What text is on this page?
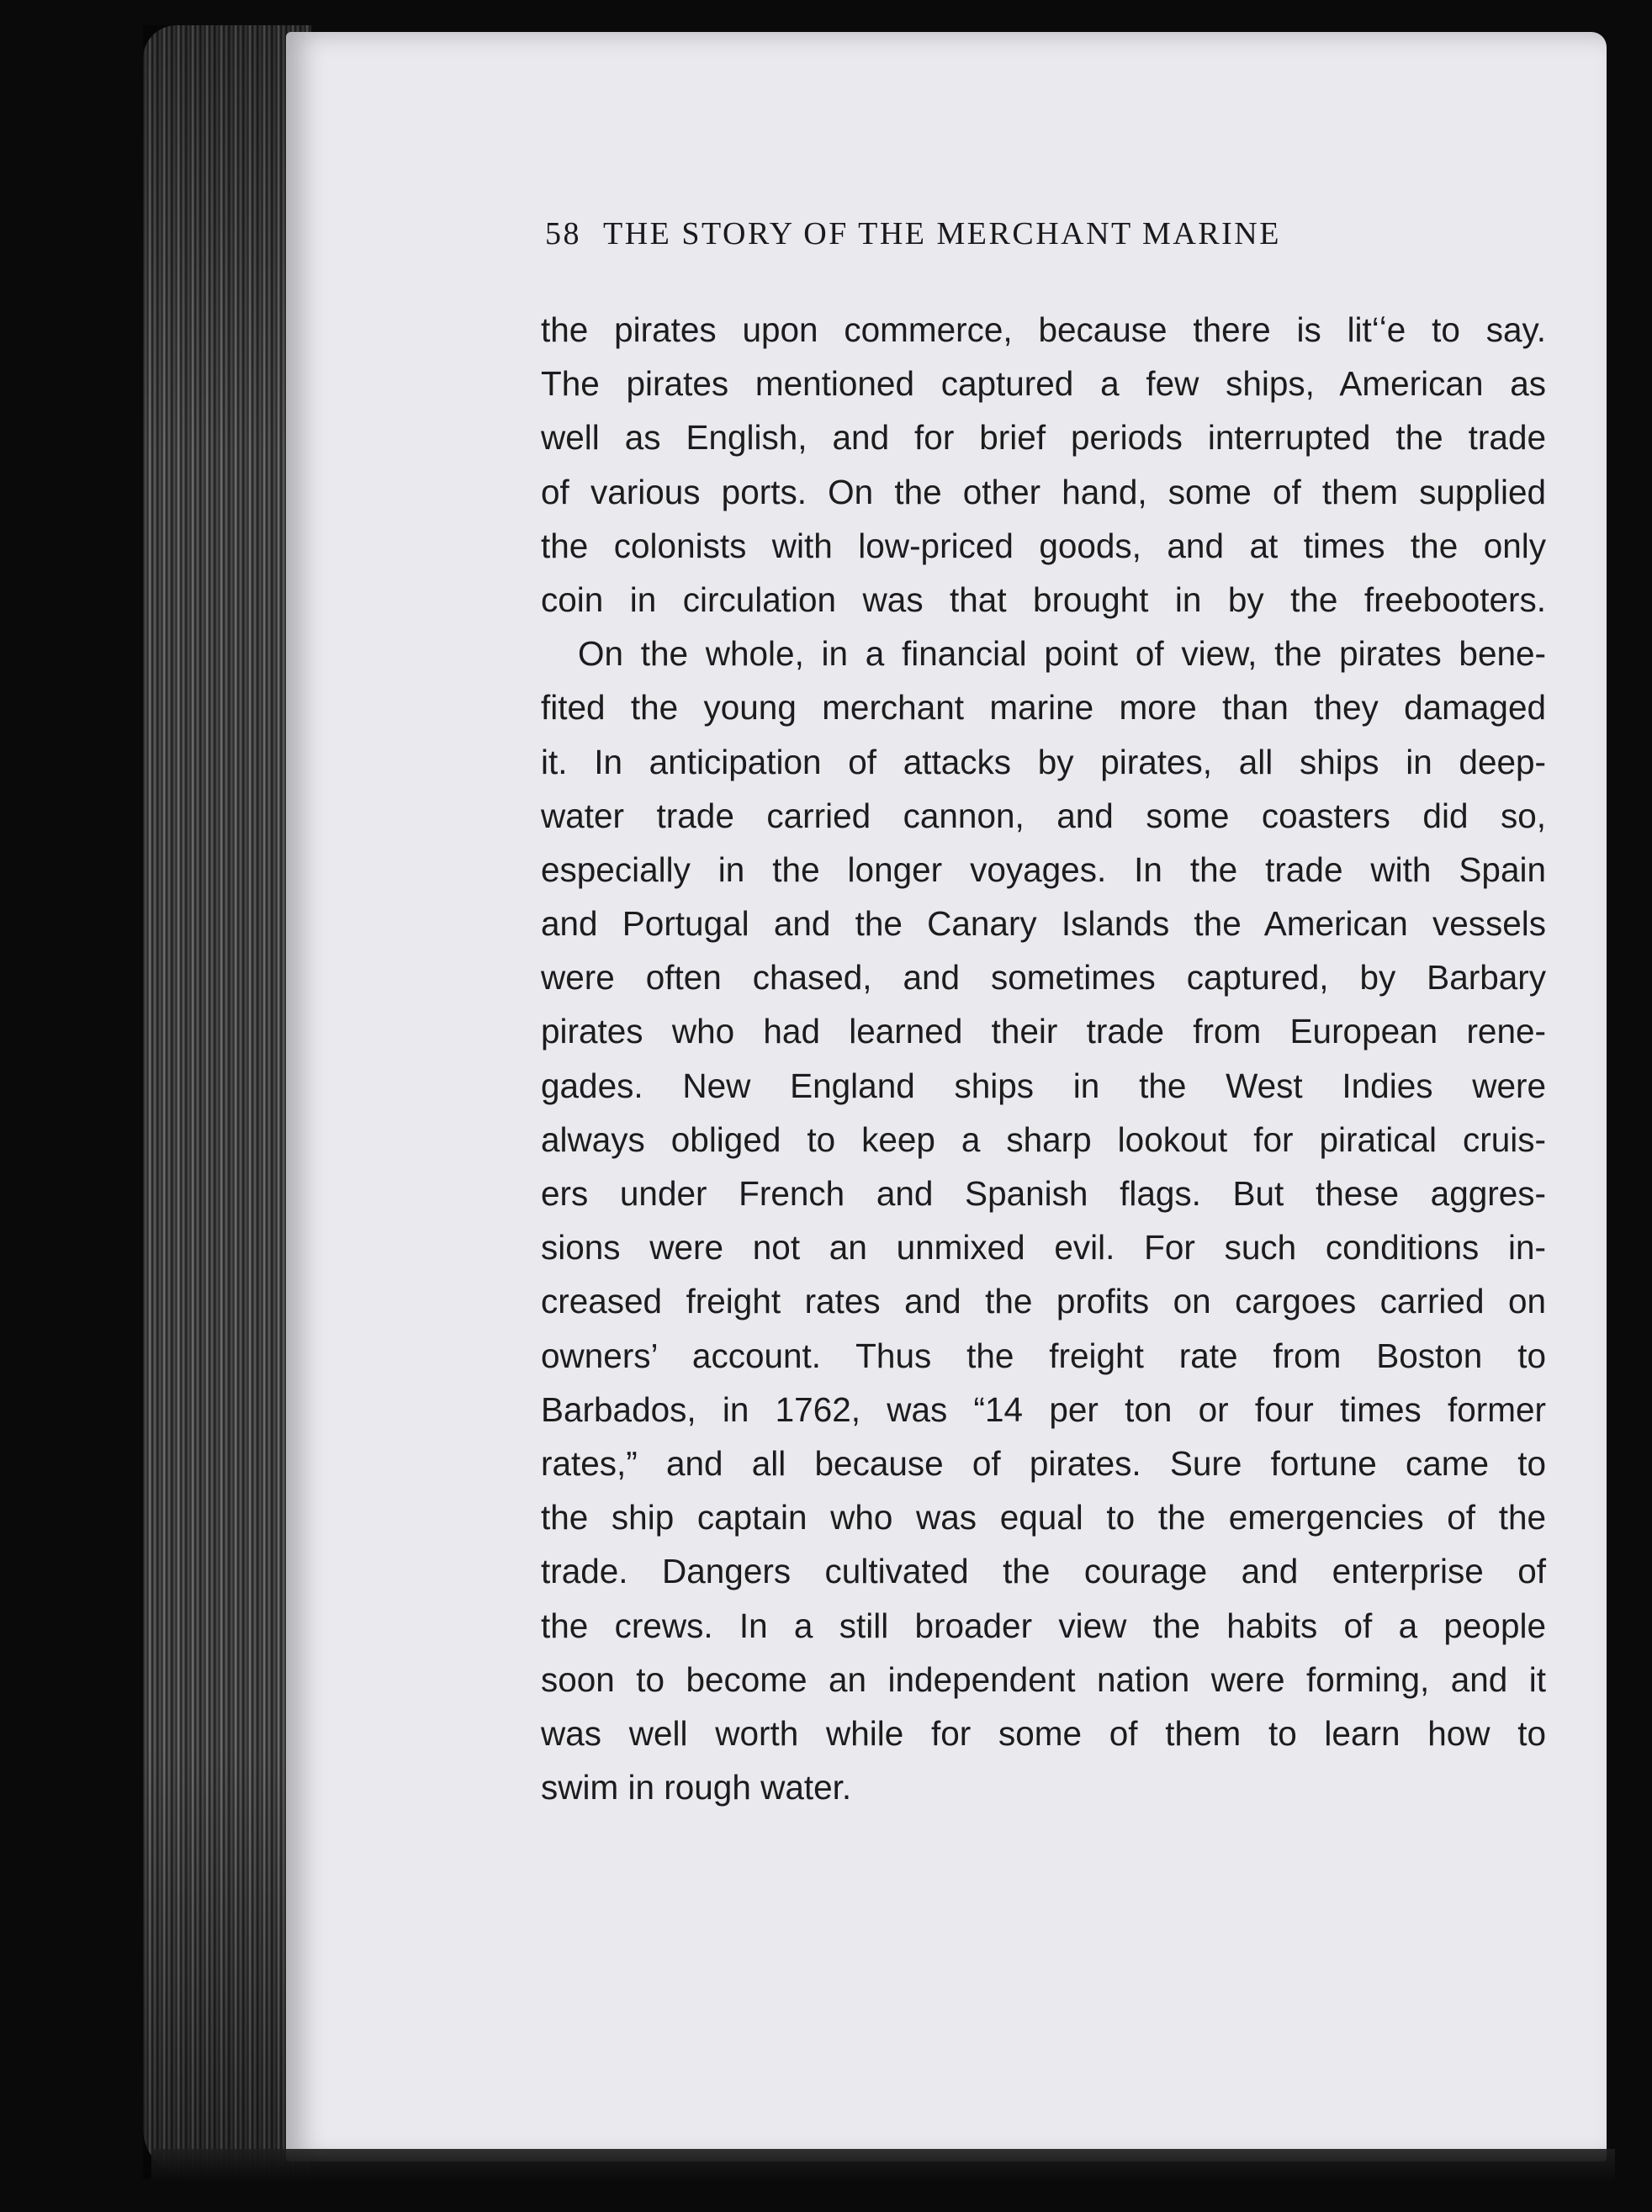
58 THE STORY OF THE MERCHANT MARINE
the pirates upon commerce, because there is lit‘ʻe to say.
The pirates mentioned captured a few ships, American as
well as English, and for brief periods interrupted the trade
of various ports. On the other hand, some of them supplied
the colonists with low-priced goods, and at times the only
coin in circulation was that brought in by the freebooters.
On the whole, in a financial point of view, the pirates bene-
fited the young merchant marine more than they damaged
it. In anticipation of attacks by pirates, all ships in deep-
water trade carried cannon, and some coasters did so,
especially in the longer voyages. In the trade with Spain
and Portugal and the Canary Islands the American vessels
were often chased, and sometimes captured, by Barbary
pirates who had learned their trade from European rene-
gades. New England ships in the West Indies were
always obliged to keep a sharp lookout for piratical cruis-
ers under French and Spanish flags. But these aggres-
sions were not an unmixed evil. For such conditions in-
creased freight rates and the profits on cargoes carried on
owners’ account. Thus the freight rate from Boston to
Barbados, in 1762, was “14 per ton or four times former
rates,” and all because of pirates. Sure fortune came to
the ship captain who was equal to the emergencies of the
trade. Dangers cultivated the courage and enterprise of
the crews. In a still broader view the habits of a people
soon to become an independent nation were forming, and it
was well worth while for some of them to learn how to
swim in rough water.
